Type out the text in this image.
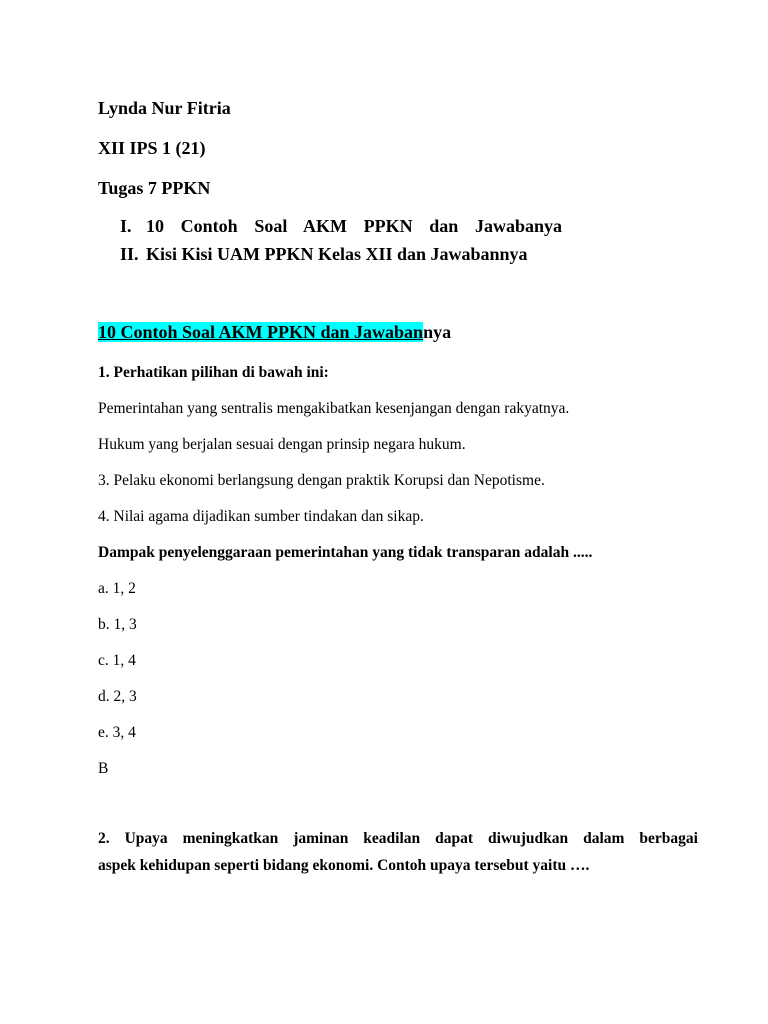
Lynda Nur Fitria
XII IPS 1 (21)
Tugas 7 PPKN
I. 10 Contoh Soal AKM PPKN dan Jawabanya
II. Kisi Kisi UAM PPKN Kelas XII dan Jawabannya
10 Contoh Soal AKM PPKN dan Jawabannya
1. Perhatikan pilihan di bawah ini:
Pemerintahan yang sentralis mengakibatkan kesenjangan dengan rakyatnya.
Hukum yang berjalan sesuai dengan prinsip negara hukum.
3. Pelaku ekonomi berlangsung dengan praktik Korupsi dan Nepotisme.
4. Nilai agama dijadikan sumber tindakan dan sikap.
Dampak penyelenggaraan pemerintahan yang tidak transparan adalah .....
a. 1, 2
b. 1, 3
c. 1, 4
d. 2, 3
e. 3, 4
B
2. Upaya meningkatkan jaminan keadilan dapat diwujudkan dalam berbagai
aspek kehidupan seperti bidang ekonomi. Contoh upaya tersebut yaitu ….
